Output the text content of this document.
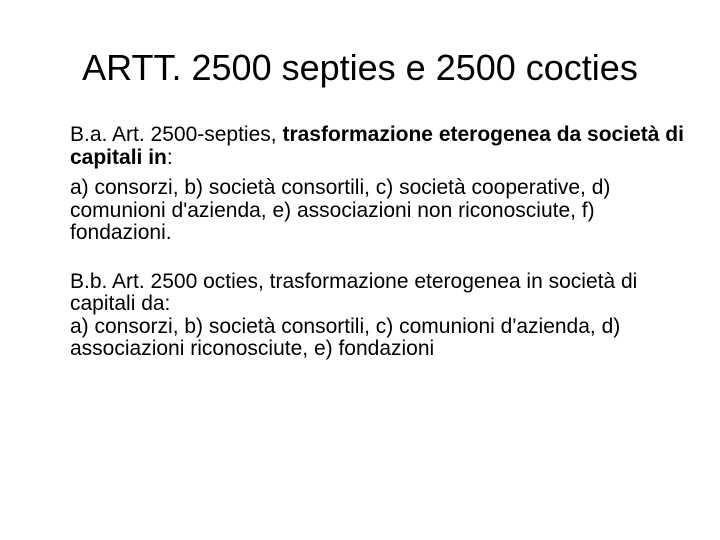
ARTT. 2500 septies e 2500 cocties

B.a. Art. 2500-septies, trasformazione eterogenea da società di capitali in:

a) consorzi, b) società consortili, c) società cooperative, d) comunioni d'azienda, e) associazioni non riconosciute, f) fondazioni.

B.b. Art. 2500 octies, trasformazione eterogenea in società di capitali da:

a) consorzi, b) società consortili, c) comunioni d'azienda, d) associazioni riconosciute, e) fondazioni
